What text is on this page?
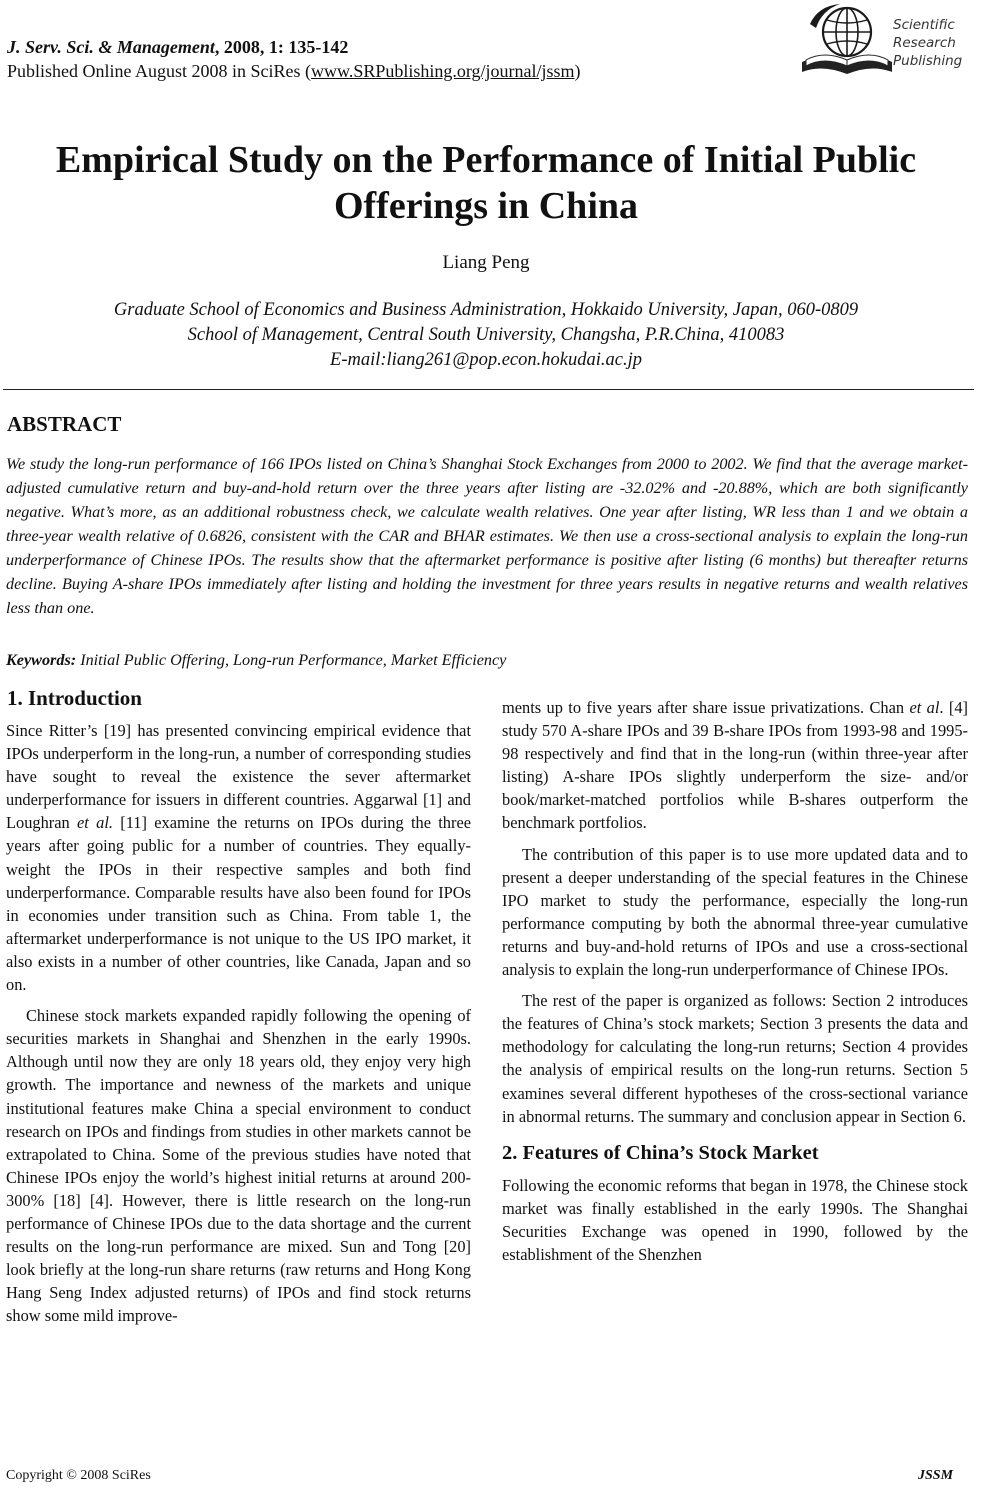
J. Serv. Sci. & Management, 2008, 1: 135-142
Published Online August 2008 in SciRes (www.SRPublishing.org/journal/jssm)
Scientific
Research
Publishing
Empirical Study on the Performance of Initial Public Offerings in China
Liang Peng
Graduate School of Economics and Business Administration, Hokkaido University, Japan, 060-0809
School of Management, Central South University, Changsha, P.R.China, 410083
E-mail:liang261@pop.econ.hokudai.ac.jp
ABSTRACT
We study the long-run performance of 166 IPOs listed on China’s Shanghai Stock Exchanges from 2000 to 2002. We find that the average market-adjusted cumulative return and buy-and-hold return over the three years after listing are -32.02% and -20.88%, which are both significantly negative. What’s more, as an additional robustness check, we calculate wealth relatives. One year after listing, WR less than 1 and we obtain a three-year wealth relative of 0.6826, consistent with the CAR and BHAR estimates. We then use a cross-sectional analysis to explain the long-run underperformance of Chinese IPOs. The results show that the aftermarket performance is positive after listing (6 months) but thereafter returns decline. Buying A-share IPOs immediately after listing and holding the investment for three years results in negative returns and wealth relatives less than one.
Keywords: Initial Public Offering, Long-run Performance, Market Efficiency
1. Introduction

Since Ritter’s [19] has presented convincing empirical evidence that IPOs underperform in the long-run, a number of corresponding studies have sought to reveal the existence the sever aftermarket underperformance for issuers in different countries. Aggarwal [1] and Loughran et al. [11] examine the returns on IPOs during the three years after going public for a number of countries. They equally-weight the IPOs in their respective samples and both find underperformance. Comparable results have also been found for IPOs in economies under transition such as China. From table 1, the aftermarket underperformance is not unique to the US IPO market, it also exists in a number of other countries, like Canada, Japan and so on.

Chinese stock markets expanded rapidly following the opening of securities markets in Shanghai and Shenzhen in the early 1990s. Although until now they are only 18 years old, they enjoy very high growth. The importance and newness of the markets and unique institutional features make China a special environment to conduct research on IPOs and findings from studies in other markets cannot be extrapolated to China. Some of the previous studies have noted that Chinese IPOs enjoy the world’s highest initial returns at around 200-300% [18] [4]. However, there is little research on the long-run performance of Chinese IPOs due to the data shortage and the current results on the long-run performance are mixed. Sun and Tong [20] look briefly at the long-run share returns (raw returns and Hong Kong Hang Seng Index adjusted returns) of IPOs and find stock returns show some mild improve-

ments up to five years after share issue privatizations. Chan et al. [4] study 570 A-share IPOs and 39 B-share IPOs from 1993-98 and 1995-98 respectively and find that in the long-run (within three-year after listing) A-share IPOs slightly underperform the size- and/or book/market-matched portfolios while B-shares outperform the benchmark portfolios.

The contribution of this paper is to use more updated data and to present a deeper understanding of the special features in the Chinese IPO market to study the performance, especially the long-run performance computing by both the abnormal three-year cumulative returns and buy-and-hold returns of IPOs and use a cross-sectional analysis to explain the long-run underperformance of Chinese IPOs.

The rest of the paper is organized as follows: Section 2 introduces the features of China’s stock markets; Section 3 presents the data and methodology for calculating the long-run returns; Section 4 provides the analysis of empirical results on the long-run returns. Section 5 examines several different hypotheses of the cross-sectional variance in abnormal returns. The summary and conclusion appear in Section 6.

2. Features of China’s Stock Market

Following the economic reforms that began in 1978, the Chinese stock market was finally established in the early 1990s. The Shanghai Securities Exchange was opened in 1990, followed by the establishment of the Shenzhen

Copyright © 2008 SciRes	JSSM
